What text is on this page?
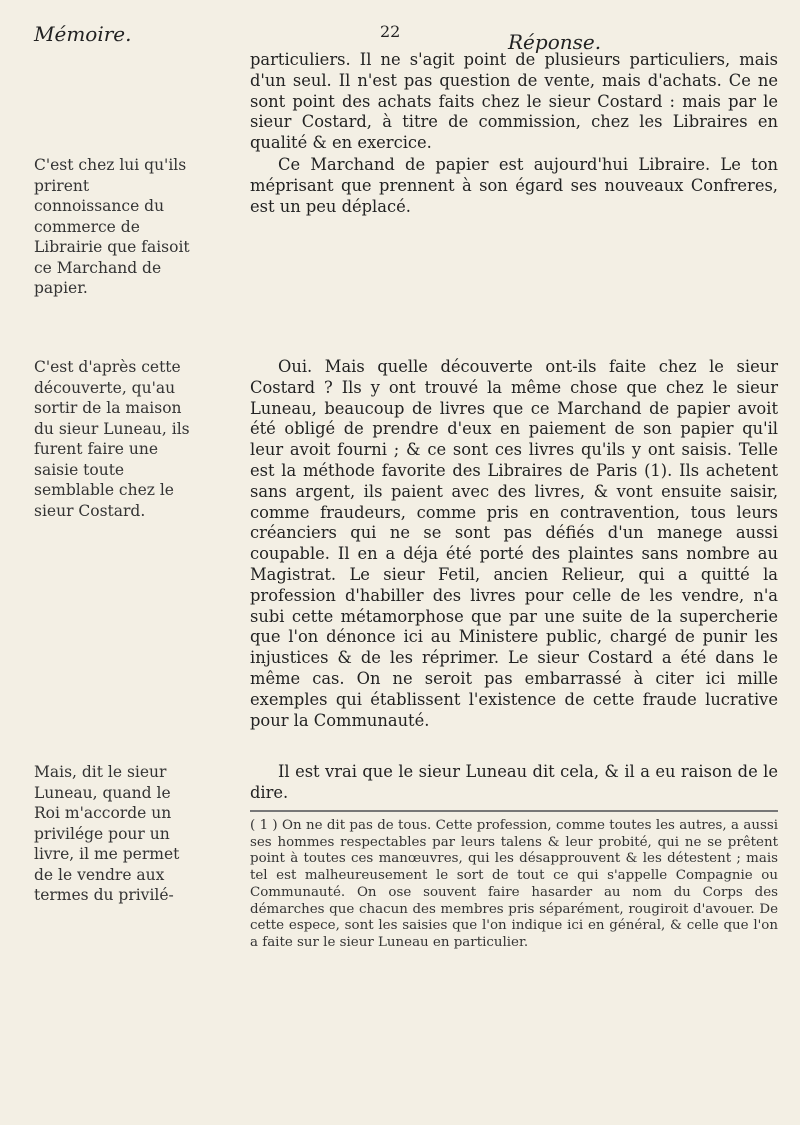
Mémoire.	22	Réponse.

particuliers. Il ne s'agit point de plusieurs particuliers, mais d'un seul. Il n'est pas question de vente, mais d'achats. Ce ne sont point des achats faits chez le sieur Costard : mais par le sieur Costard, à titre de commission, chez les Libraires en qualité & en exercice.

C'est chez lui qu'ils prirent connoissance du commerce de Librairie que faisoit ce Marchand de papier.

Ce Marchand de papier est aujourd'hui Libraire. Le ton méprisant que prennent à son égard ses nouveaux Confreres, est un peu déplacé.

C'est d'après cette découverte, qu'au sortir de la maison du sieur Luneau, ils furent faire une saisie toute semblable chez le sieur Costard.

Oui. Mais quelle découverte ont-ils faite chez le sieur Costard ? Ils y ont trouvé la même chose que chez le sieur Luneau, beaucoup de livres que ce Marchand de papier avoit été obligé de prendre d'eux en paiement de son papier qu'il leur avoit fourni ; & ce sont ces livres qu'ils y ont saisis. Telle est la méthode favorite des Libraires de Paris (1). Ils achetent sans argent, ils paient avec des livres, & vont ensuite saisir, comme fraudeurs, comme pris en contravention, tous leurs créanciers qui ne se sont pas défiés d'un manege aussi coupable. Il en a déja été porté des plaintes sans nombre au Magistrat. Le sieur Fetil, ancien Relieur, qui a quitté la profession d'habiller des livres pour celle de les vendre, n'a subi cette métamorphose que par une suite de la supercherie que l'on dénonce ici au Ministere public, chargé de punir les injustices & de les réprimer. Le sieur Costard a été dans le même cas. On ne seroit pas embarrassé à citer ici mille exemples qui établissent l'existence de cette fraude lucrative pour la Communauté.

Mais, dit le sieur Luneau, quand le Roi m'accorde un privilége pour un livre, il me permet de le vendre aux termes du privilé-

Il est vrai que le sieur Luneau dit cela, & il a eu raison de le dire.

( 1 ) On ne dit pas de tous. Cette profession, comme toutes les autres, a aussi ses hommes respectables par leurs talens & leur probité, qui ne se prêtent point à toutes ces manœuvres, qui les désapprouvent & les détestent ; mais tel est malheureusement le sort de tout ce qui s'appelle Compagnie ou Communauté. On ose souvent faire hasarder au nom du Corps des démarches que chacun des membres pris séparément, rougiroit d'avouer. De cette espece, sont les saisies que l'on indique ici en général, & celle que l'on a faite sur le sieur Luneau en particulier.
